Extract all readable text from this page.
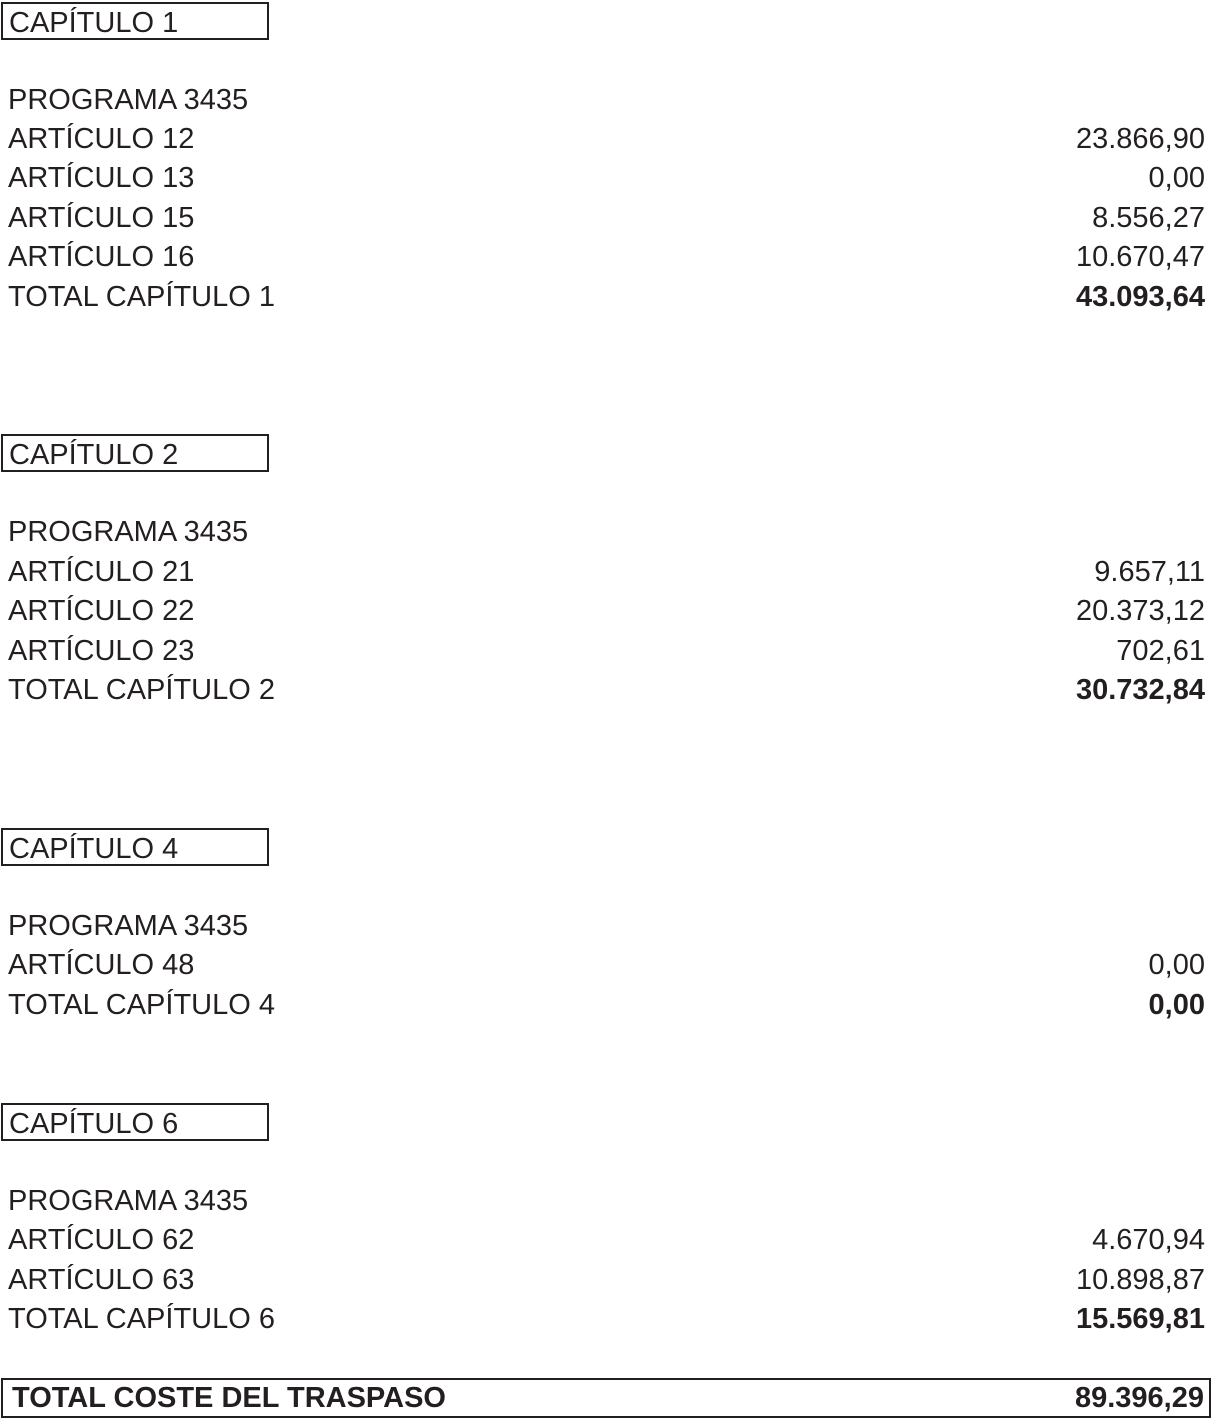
CAPÍTULO 1
PROGRAMA 3435
ARTÍCULO 12	23.866,90
ARTÍCULO 13	0,00
ARTÍCULO 15	8.556,27
ARTÍCULO 16	10.670,47
TOTAL CAPÍTULO 1	43.093,64
CAPÍTULO 2
PROGRAMA 3435
ARTÍCULO 21	9.657,11
ARTÍCULO 22	20.373,12
ARTÍCULO 23	702,61
TOTAL CAPÍTULO 2	30.732,84
CAPÍTULO 4
PROGRAMA 3435
ARTÍCULO 48	0,00
TOTAL CAPÍTULO 4	0,00
CAPÍTULO 6
PROGRAMA 3435
ARTÍCULO 62	4.670,94
ARTÍCULO 63	10.898,87
TOTAL CAPÍTULO 6	15.569,81
TOTAL COSTE DEL TRASPASO	89.396,29
